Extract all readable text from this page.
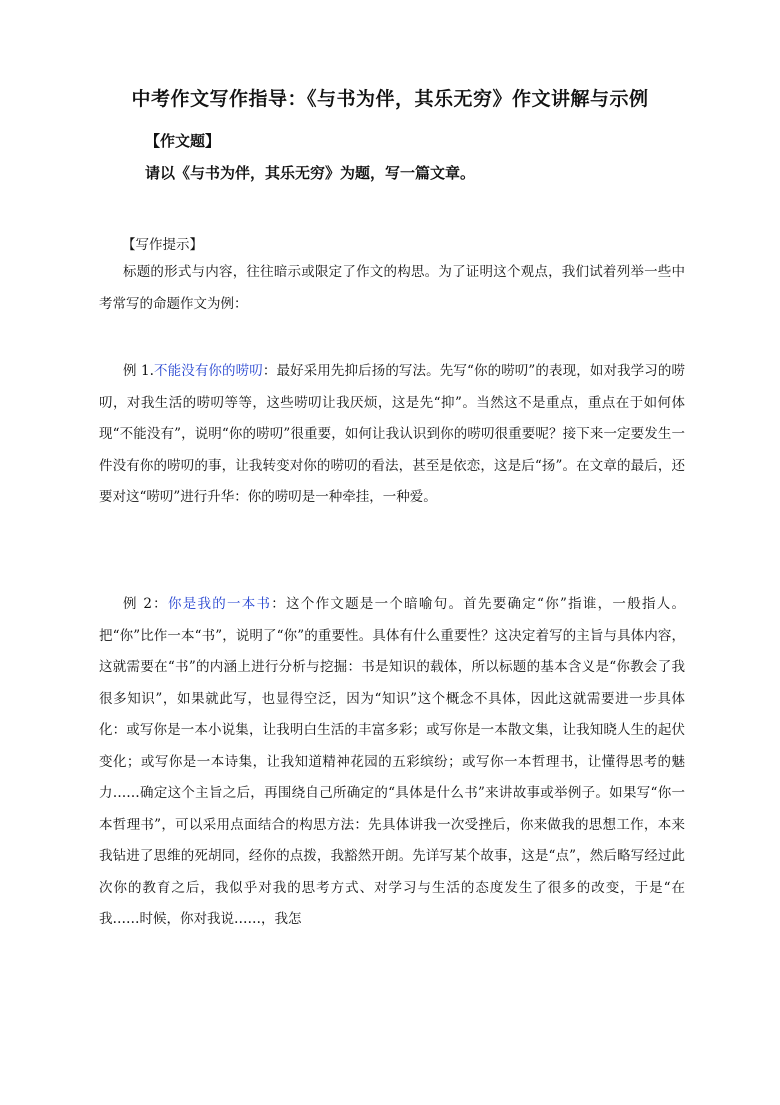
中考作文写作指导：《与书为伴，其乐无穷》作文讲解与示例
【作文题】
请以《与书为伴，其乐无穷》为题，写一篇文章。
【写作提示】

标题的形式与内容，往往暗示或限定了作文的构思。为了证明这个观点，我们试着列举一些中考常写的命题作文为例：

例 1.不能没有你的唠叨：最好采用先抑后扬的写法。先写“你的唠叨”的表现，如对我学习的唠叨，对我生活的唠叨等等，这些唠叨让我厌烦，这是先“抑”。当然这不是重点，重点在于如何体现“不能没有”，说明“你的唠叨”很重要，如何让我认识到你的唠叨很重要呢？接下来一定要发生一件没有你的唠叨的事，让我转变对你的唠叨的看法，甚至是依恋，这是后“扬”。在文章的最后，还要对这“唠叨”进行升华：你的唠叨是一种牵挂，一种爱。

例 2：你是我的一本书：这个作文题是一个暗喻句。首先要确定“你”指谁，一般指人。把“你”比作一本“书”，说明了“你”的重要性。具体有什么重要性？这决定着写的主旨与具体内容，这就需要在“书”的内涵上进行分析与挖掘：书是知识的载体，所以标题的基本含义是“你教会了我很多知识”，如果就此写，也显得空泛，因为“知识”这个概念不具体，因此这就需要进一步具体化：或写你是一本小说集，让我明白生活的丰富多彩；或写你是一本散文集，让我知晓人生的起伏变化；或写你是一本诗集，让我知道精神花园的五彩缤纷；或写你一本哲理书，让懂得思考的魅力……确定这个主旨之后，再围绕自己所确定的“具体是什么书”来讲故事或举例子。如果写“你一本哲理书”，可以采用点面结合的构思方法：先具体讲我一次受挫后，你来做我的思想工作，本来我钻进了思维的死胡同，经你的点拨，我豁然开朗。先详写某个故事，这是“点”，然后略写经过此次你的教育之后，我似乎对我的思考方式、对学习与生活的态度发生了很多的改变，于是“在我……时候，你对我说……，我怎
